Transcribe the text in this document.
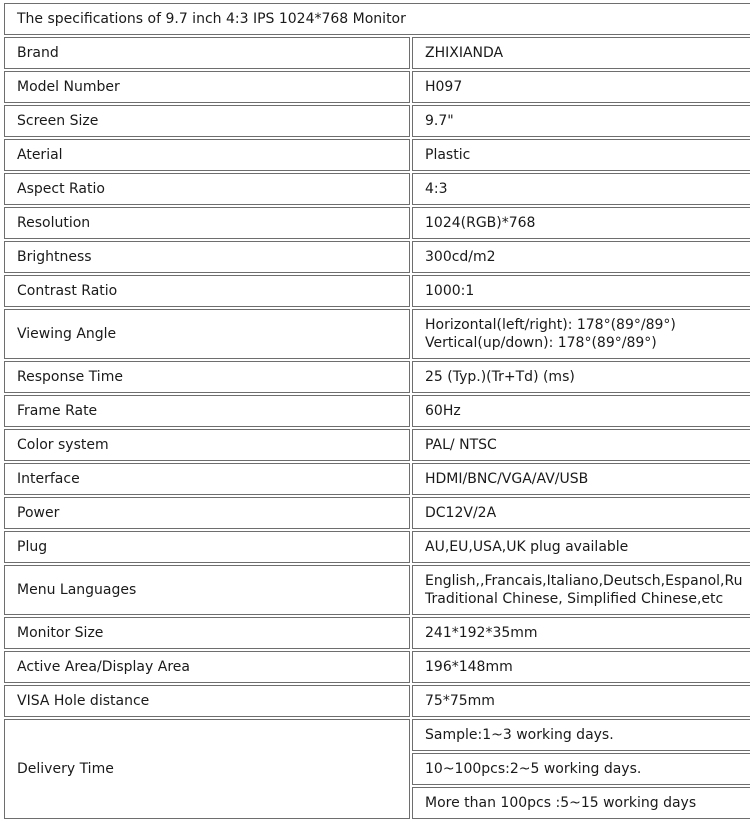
The specifications of 9.7 inch 4:3 IPS 1024*768 Monitor	
Brand	ZHIXIANDA
Model Number	H097
Screen Size	9.7"
Aterial	Plastic
Aspect Ratio	4:3
Resolution	1024(RGB)*768
Brightness	300cd/m2
Contrast Ratio	1000:1
Viewing Angle	Horizontal(left/right): 178°(89°/89°)
Vertical(up/down): 178°(89°/89°)

Response Time	25 (Typ.)(Tr+Td) (ms)
Frame Rate	60Hz
Color system	PAL/ NTSC
Interface	HDMI/BNC/VGA/AV/USB
Power	DC12V/2A
Plug	AU,EU,USA,UK plug available
Menu Languages	English,,Francais,Italiano,Deutsch,Espanol,Ru
Traditional Chinese, Simplified Chinese,etc

Monitor Size	241*192*35mm
Active Area/Display Area	196*148mm
VISA Hole distance	75*75mm
Delivery Time	Sample:1~3 working days.
	10~100pcs:2~5 working days.
	More than 100pcs :5~15 working days
